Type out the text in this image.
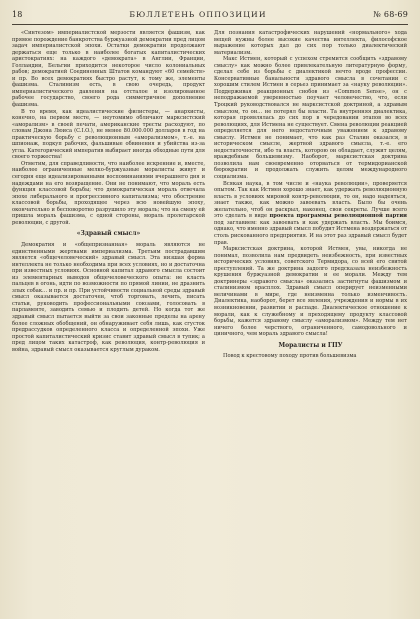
18	БЮЛЛЕТЕНЬ ОППОЗИЦИИ	№ 68-69

«Синтезом» империалистской мерзости является фашизм, как прямое порождение банкротства буржуазной демократии пред лицом задач империалистской эпохи. Остатки демократии продолжают держаться еще только в наиболее богатых капиталистических аристократиях: на каждого «демократа» в Англии, Франции, Голландии, Бельгии приходится некоторое число колониальных рабов; демократией Соединенных Штатов командуют «60 семейств» и пр. Во всех демократиях быстро растут, к тому же, элементы фашизма. Сталинизм есть, в свою очередь, продукт империалистического давления на отсталое и изолированное рабочее государство, своего рода симметричное дополнение фашизма.

В то время, как идеалистические филистеры, — анархисты, конечно, на первом месте, — неутомимо обличают марксистский «аморализм» в своей печати, американские тресты расходуют, по словам Джона Люиса (C.I.O.), не менее 80.000.000 долларов в год на практическую борьбу с революционным «аморализмом», т.-е. на шпионаж, подкуп рабочих, фальшивые обвинения и убийства из-за угла. Категорический императив выбирает иногда обходные пути для своего торжества!

Отметим, для справедливости, что наиболее искренние и, вместе, наиболее ограниченные мелко-буржуазные моралисты живут и сегодня еще идеализированными воспоминаниями вчерашнего дня и надеждами на его возвращение. Они не понимают, что мораль есть функция классовой борьбы; что демократическая мораль отвечала эпохе либерального и прогрессивного капитализма; что обострение классовой борьбы, проходящее через всю новейшую эпоху, окончательно и бесповоротно разрушило эту мораль; что на смену ей пришла мораль фашизма, с одной стороны, мораль пролетарской революции, с другой.

«Здравый смысл»

Демократия и «общепризнанная» мораль являются не единственными жертвами империализма. Третьим пострадавшим является «общечеловеческий» здравый смысл. Эта низшая форма интеллекта не только необходима при всех условиях, но и достаточна при известных условиях. Основной капитал здравого смысла состоит из элементарных выводов общечеловеческого опыта: не класть пальцев в огонь, идти по возможности по прямой линии, не дразнить злых собак… и пр. и пр. При устойчивости социальной среды здравый смысл оказывается достаточен, чтоб торговать, лечить, писать статьи, руководить профессиональными союзами, голосовать в парламенте, заводить семью и плодить детей. Но когда тот же здравый смысл пытается выйти за свои законные пределы на арену более сложных обобщений, он обнаруживает себя лишь, как сгусток предрассудков определенного класса и определенной эпохи. Уже простой капиталистический кризис ставит здравый смысл в тупик; а пред лицом таких катастроф, как революция, контр-революция и война, здравый смысл оказывается круглым дураком.

Для познания катастрофических нарушений «нормального» хода вещей нужны более высокие качества интеллекта, философское выражение которых дал до сих пор только диалектический материализм.

Макс Истмен, который с успехом стремится сообщить «здравому смыслу» как можно более привлекательную литературную форму, сделал себе из борьбы с диалектикой нечто вроде профессии. Консервативные банальности здравого смысла в сочетании с хорошим стилем Истмен в серьез принимает за «науку революции». Поддерживая реакционных снобов из «Common Sense», он с неподражаемой уверенностью поучает человечество, что, если Троцкий руководствовался не марксистской доктриной, а здравым смыслом, то он… не потерял бы власти. Та внутренняя диалектика, которая проявлялась до сих пор в чередовании этапов во всех революциях, для Истмена не существует. Смена революции реакцией определяется для него недостаточным уважением к здравому смыслу. Истмен не понимает, что как раз Сталин оказался, в историческом смысле, жертвой здравого смысла, т.-е. его недостаточности, ибо та власть, которою он обладает, служит целям, враждебным большевизму. Наоборот, марксистская доктрина позволила нам своевременно оторваться от термидорианской бюрократии и продолжать служить целям международного социализма.

Всякая наука, в том числе и «наука революции», проверяется опытом. Так как Истмен хорошо знает, как удержать революционную власть в условиях мировой контр-революции, то он, надо надеяться, знает также, как можно завоевать власть. Было бы очень желательно, чтоб он раскрыл, наконец, свои секреты. Лучше всего это сделать в виде проекта программы революционной партии под заглавием: как завоевать и как удержать власть. Мы боимся, однако, что именно здравый смысл побудит Истмена воздержаться от столь рискованного предприятия. И на этот раз здравый смысл будет прав.

Марксистская доктрина, которой Истмен, увы, никогда не понимал, позволила нам предвидеть неизбежность, при известных исторических условиях, советского Термидора, со всей его свитой преступлений. Та же доктрина задолго предсказала неизбежность крушения буржуазной демократии и ее морали. Между тем доктринеры «здравого смысла» оказались застигнуты фашизмом и сталинизмом врасплох. Здравый смысл оперирует неизменными величинами в мире, где неизменна только изменчивость. Диалектика, наоборот, берет все явления, учреждения и нормы в их возникновении, развитии и распаде. Диалектическое отношение к морали, как к служебному и преходящему продукту классовой борьбы, кажется здравому смыслу «аморализмом». Между тем нет ничего более черствого, ограниченного, самодовольного и циничного, чем мораль здравого смысла!

Моралисты и ГПУ

Повод к крестовому походу против большевизма
